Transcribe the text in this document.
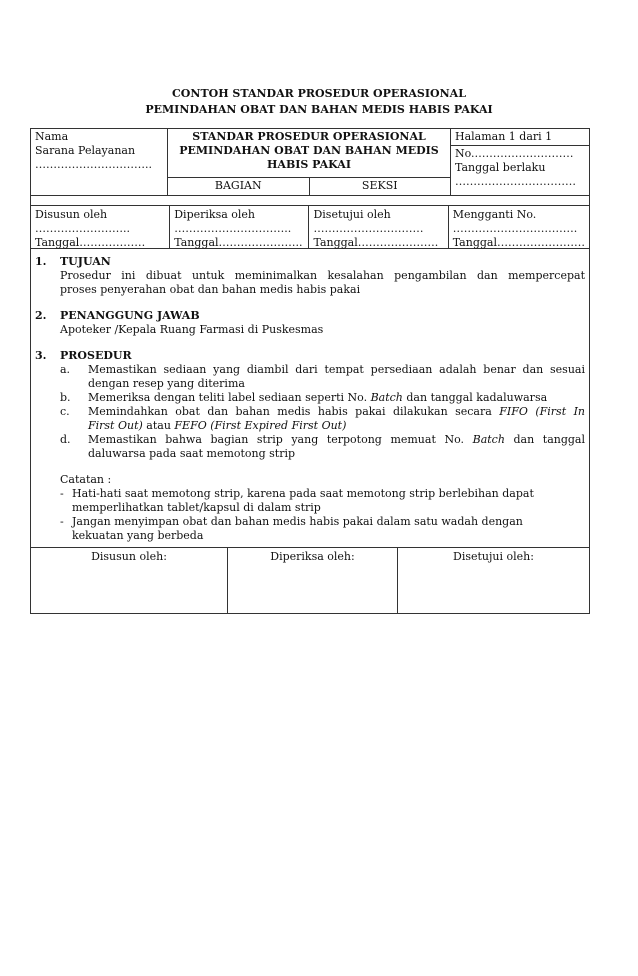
CONTOH STANDAR PROSEDUR OPERASIONAL
PEMINDAHAN OBAT DAN BAHAN MEDIS HABIS PAKAI
Nama
Sarana Pelayanan
…………………………..
STANDAR PROSEDUR OPERASIONAL
PEMINDAHAN OBAT DAN BAHAN MEDIS
HABIS PAKAI
BAGIAN	SEKSI
Halaman 1 dari 1
No.………………………
Tanggal berlaku
……………………………
Disusun oleh
……………………..
Tanggal………………
Diperiksa oleh
…………………………..
Tanggal…………………..
Disetujui oleh
…………………………
Tanggal………………….
Mengganti No.
…………………………….
Tanggal……………………
1.	TUJUAN
Prosedur ini dibuat untuk meminimalkan kesalahan pengambilan dan mempercepat
proses penyerahan obat dan bahan medis habis pakai
2.	PENANGGUNG JAWAB
Apoteker /Kepala Ruang Farmasi di Puskesmas
3.	PROSEDUR
a.	Memastikan sediaan yang diambil dari tempat persediaan adalah benar dan sesuai
dengan resep yang diterima
b.	Memeriksa dengan teliti label sediaan seperti No. Batch dan tanggal kadaluwarsa
c.	Memindahkan obat dan bahan medis habis pakai dilakukan secara FIFO (First In
First Out) atau FEFO (First Expired First Out)
d.	Memastikan bahwa bagian strip yang terpotong memuat No. Batch dan tanggal
daluwarsa pada saat memotong strip
Catatan :
- Hati-hati saat memotong strip, karena pada saat memotong strip berlebihan dapat
memperlihatkan tablet/kapsul di dalam strip
- Jangan menyimpan obat dan bahan medis habis pakai dalam satu wadah dengan
kekuatan yang berbeda
Disusun oleh:	Diperiksa oleh:	Disetujui oleh:
